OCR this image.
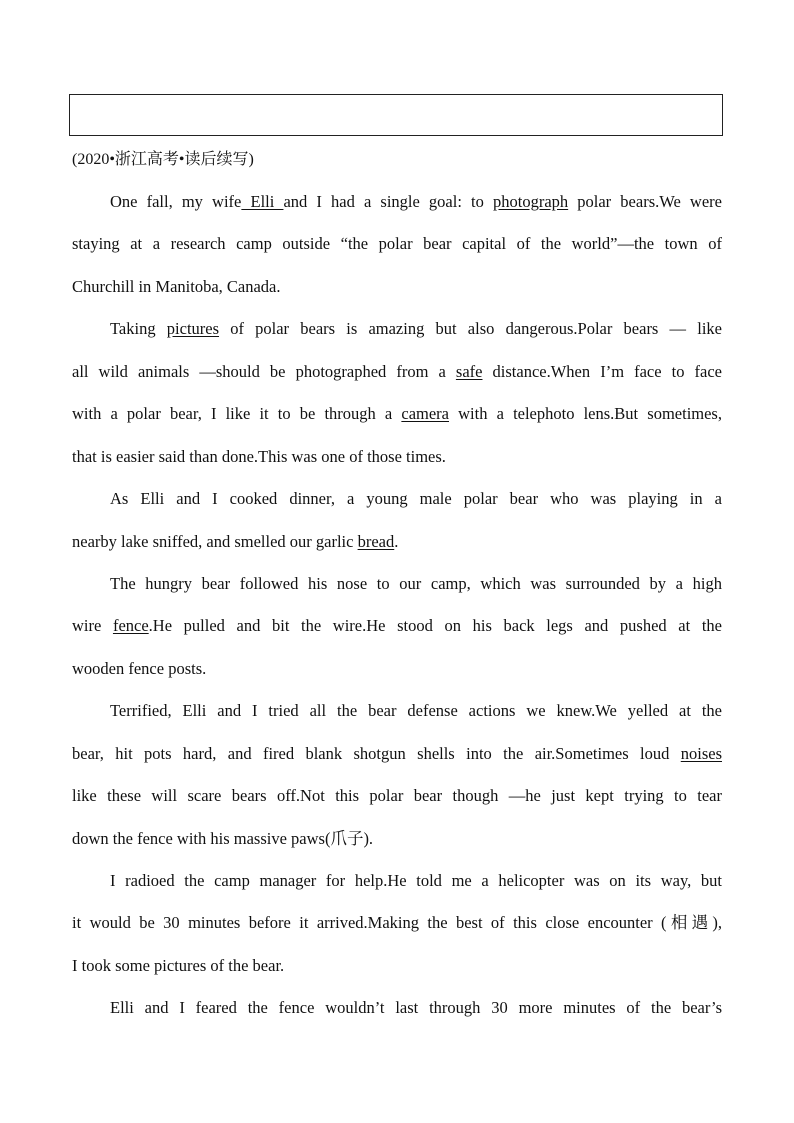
(2020•浙江高考•读后续写)
One fall, my wife Elli and I had a single goal: to photograph polar bears.We were
staying at a research camp outside “the polar bear capital of the world”—the town of
Churchill in Manitoba, Canada.
Taking pictures of polar bears is amazing but also dangerous.Polar bears — like
all wild animals —should be photographed from a safe distance.When I’m face to face
with a polar bear, I like it to be through a camera with a telephoto lens.But sometimes,
that is easier said than done.This was one of those times.
As Elli and I cooked dinner, a young male polar bear who was playing in a
nearby lake sniffed, and smelled our garlic bread.
The hungry bear followed his nose to our camp, which was surrounded by a high
wire fence.He pulled and bit the wire.He stood on his back legs and pushed at the
wooden fence posts.
Terrified, Elli and I tried all the bear defense actions we knew.We yelled at the
bear, hit pots hard, and fired blank shotgun shells into the air.Sometimes loud noises
like these will scare bears off.Not this polar bear though —he just kept trying to tear
down the fence with his massive paws(爪子).
I radioed the camp manager for help.He told me a helicopter was on its way, but
it would be 30 minutes before it arrived.Making the best of this close encounter (相遇),
I took some pictures of the bear.
Elli and I feared the fence wouldn’t last through 30 more minutes of the bear’s
